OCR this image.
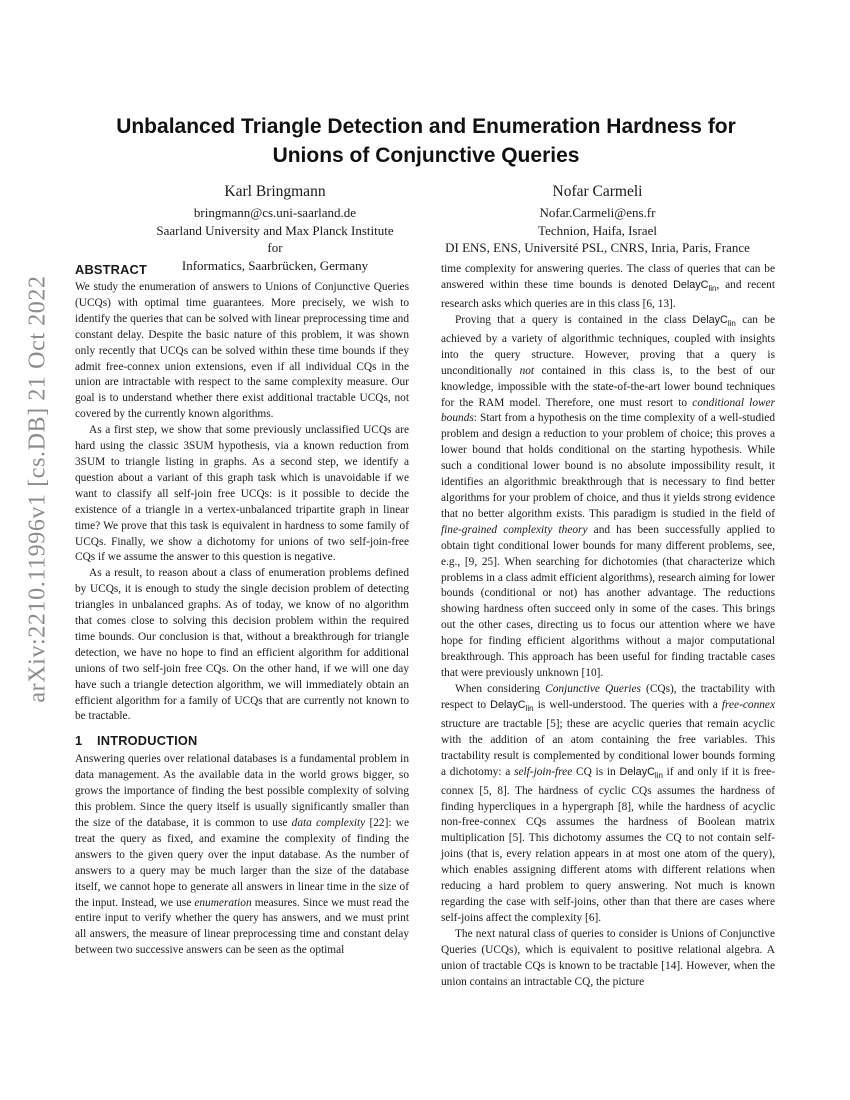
arXiv:2210.11996v1 [cs.DB] 21 Oct 2022
Unbalanced Triangle Detection and Enumeration Hardness for
Unions of Conjunctive Queries
Karl Bringmann
bringmann@cs.uni-saarland.de
Saarland University and Max Planck Institute for
Informatics, Saarbrücken, Germany
Nofar Carmeli
Nofar.Carmeli@ens.fr
Technion, Haifa, Israel
DI ENS, ENS, Université PSL, CNRS, Inria, Paris, France
ABSTRACT

We study the enumeration of answers to Unions of Conjunctive Queries (UCQs) with optimal time guarantees. More precisely, we wish to identify the queries that can be solved with linear preprocessing time and constant delay. Despite the basic nature of this problem, it was shown only recently that UCQs can be solved within these time bounds if they admit free-connex union extensions, even if all individual CQs in the union are intractable with respect to the same complexity measure. Our goal is to understand whether there exist additional tractable UCQs, not covered by the currently known algorithms.

As a first step, we show that some previously unclassified UCQs are hard using the classic 3SUM hypothesis, via a known reduction from 3SUM to triangle listing in graphs. As a second step, we identify a question about a variant of this graph task which is unavoidable if we want to classify all self-join free UCQs: is it possible to decide the existence of a triangle in a vertex-unbalanced tripartite graph in linear time? We prove that this task is equivalent in hardness to some family of UCQs. Finally, we show a dichotomy for unions of two self-join-free CQs if we assume the answer to this question is negative.

As a result, to reason about a class of enumeration problems defined by UCQs, it is enough to study the single decision problem of detecting triangles in unbalanced graphs. As of today, we know of no algorithm that comes close to solving this decision problem within the required time bounds. Our conclusion is that, without a breakthrough for triangle detection, we have no hope to find an efficient algorithm for additional unions of two self-join free CQs. On the other hand, if we will one day have such a triangle detection algorithm, we will immediately obtain an efficient algorithm for a family of UCQs that are currently not known to be tractable.

1 INTRODUCTION

Answering queries over relational databases is a fundamental problem in data management. As the available data in the world grows bigger, so grows the importance of finding the best possible complexity of solving this problem. Since the query itself is usually significantly smaller than the size of the database, it is common to use data complexity [22]: we treat the query as fixed, and examine the complexity of finding the answers to the given query over the input database. As the number of answers to a query may be much larger than the size of the database itself, we cannot hope to generate all answers in linear time in the size of the input. Instead, we use enumeration measures. Since we must read the entire input to verify whether the query has answers, and we must print all answers, the measure of linear preprocessing time and constant delay between two successive answers can be seen as the optimal

time complexity for answering queries. The class of queries that can be answered within these time bounds is denoted DelayC$_{lin}$, and recent research asks which queries are in this class [6, 13].

Proving that a query is contained in the class DelayC$_{lin}$ can be achieved by a variety of algorithmic techniques, coupled with insights into the query structure. However, proving that a query is unconditionally not contained in this class is, to the best of our knowledge, impossible with the state-of-the-art lower bound techniques for the RAM model. Therefore, one must resort to conditional lower bounds: Start from a hypothesis on the time complexity of a well-studied problem and design a reduction to your problem of choice; this proves a lower bound that holds conditional on the starting hypothesis. While such a conditional lower bound is no absolute impossibility result, it identifies an algorithmic breakthrough that is necessary to find better algorithms for your problem of choice, and thus it yields strong evidence that no better algorithm exists. This paradigm is studied in the field of fine-grained complexity theory and has been successfully applied to obtain tight conditional lower bounds for many different problems, see, e.g., [9, 25]. When searching for dichotomies (that characterize which problems in a class admit efficient algorithms), research aiming for lower bounds (conditional or not) has another advantage. The reductions showing hardness often succeed only in some of the cases. This brings out the other cases, directing us to focus our attention where we have hope for finding efficient algorithms without a major computational breakthrough. This approach has been useful for finding tractable cases that were previously unknown [10].

When considering Conjunctive Queries (CQs), the tractability with respect to DelayC$_{lin}$ is well-understood. The queries with a free-connex structure are tractable [5]; these are acyclic queries that remain acyclic with the addition of an atom containing the free variables. This tractability result is complemented by conditional lower bounds forming a dichotomy: a self-join-free CQ is in DelayC$_{lin}$ if and only if it is free-connex [5, 8]. The hardness of cyclic CQs assumes the hardness of finding hypercliques in a hypergraph [8], while the hardness of acyclic non-free-connex CQs assumes the hardness of Boolean matrix multiplication [5]. This dichotomy assumes the CQ to not contain self-joins (that is, every relation appears in at most one atom of the query), which enables assigning different atoms with different relations when reducing a hard problem to query answering. Not much is known regarding the case with self-joins, other than that there are cases where self-joins affect the complexity [6].

The next natural class of queries to consider is Unions of Conjunctive Queries (UCQs), which is equivalent to positive relational algebra. A union of tractable CQs is known to be tractable [14]. However, when the union contains an intractable CQ, the picture
